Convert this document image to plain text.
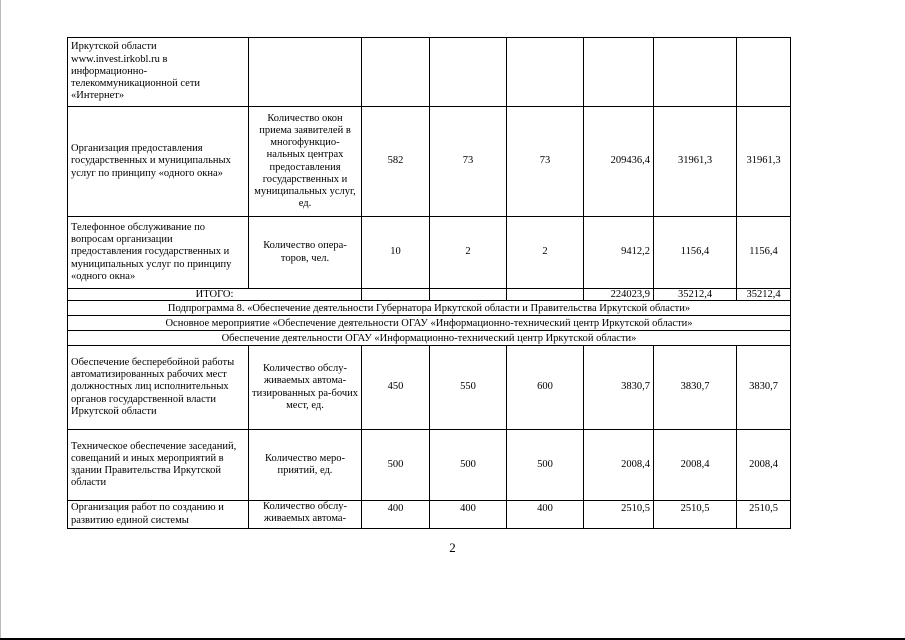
Иркутской области www.invest.irkobl.ru в информационно-телекоммуникационной сети «Интернет»							
Организация предоставления государственных и муниципальных услуг по принципу «одного окна»	Количество окон приема заявителей в многофункцио-нальных центрах предоставления государственных и муниципальных услуг, ед.	582	73	73	209436,4	31961,3	31961,3
Телефонное обслуживание по вопросам организации предоставления государственных и муниципальных услуг по принципу «одного окна»	Количество опера-торов, чел.	10	2	2	9412,2	1156,4	1156,4
ИТОГО:					224023,9	35212,4	35212,4
Подпрограмма 8. «Обеспечение деятельности Губернатора Иркутской области и Правительства Иркутской области»							
Основное мероприятие «Обеспечение деятельности ОГАУ «Информационно-технический центр Иркутской области»							
Обеспечение деятельности ОГАУ «Информационно-технический центр Иркутской области»							
Обеспечение бесперебойной работы автоматизированных рабочих мест должностных лиц исполнительных органов государственной власти Иркутской области	Количество обслу-живаемых автома-тизированных ра-бочих мест, ед.	450	550	600	3830,7	3830,7	3830,7
Техническое обеспечение заседаний, совещаний и иных мероприятий в здании Правительства Иркутской области	Количество меро-приятий, ед.	500	500	500	2008,4	2008,4	2008,4
Организация работ по созданию и развитию единой системы	Количество обслу-живаемых автома-	400	400	400	2510,5	2510,5	2510,5
2
